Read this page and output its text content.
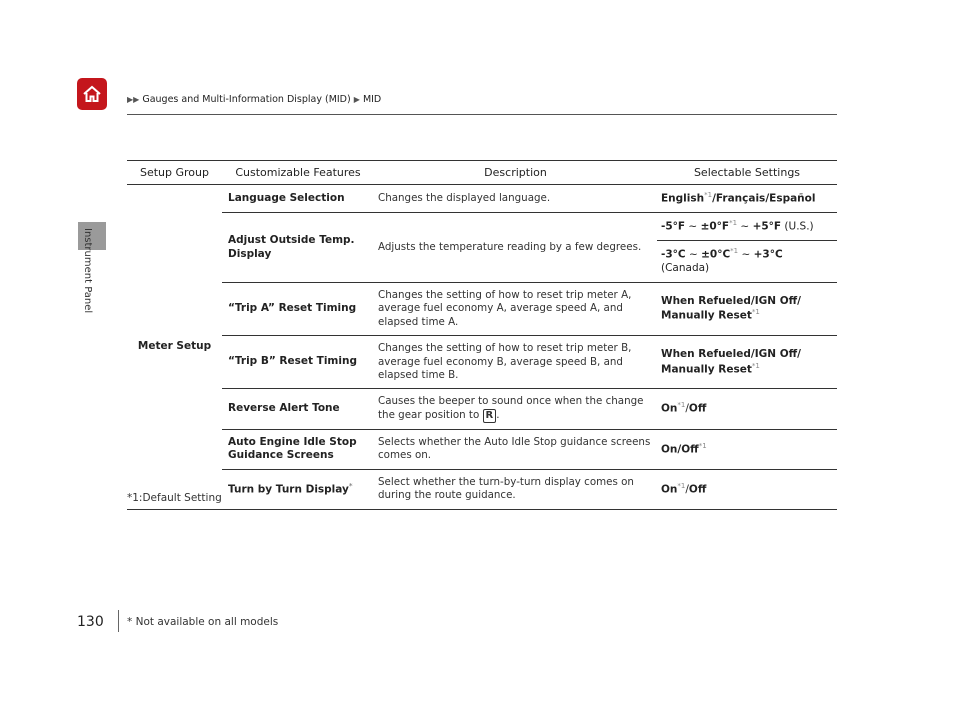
Instrument Panel
▶▶ Gauges and Multi-Information Display (MID) ▶ MID
Setup Group	Customizable Features	Description	Selectable Settings
Meter Setup	Language Selection	Changes the displayed language.	English$^{*1}$/Français/Español
	Adjust Outside Temp. Display	Adjusts the temperature reading by a few degrees.	-5°F ~ $\pm 0^\circ F^{*1}$ ~ +5°F (U.S.)
			-3°C ~ $\pm 0^\circ C^{*1}$ ~ +3°C (Canada)
	“Trip A” Reset Timing	Changes the setting of how to reset trip meter A, average fuel economy A, average speed A, and elapsed time A.	When Refueled/IGN Off/
Manually Reset$^{*1}$
	“Trip B” Reset Timing	Changes the setting of how to reset trip meter B, average fuel economy B, average speed B, and elapsed time B.	When Refueled/IGN Off/
Manually Reset$^{*1}$
	Reverse Alert Tone	Causes the beeper to sound once when the change the gear position to R .	On$^{*1}$/Off
	Auto Engine Idle Stop Guidance Screens	Selects whether the Auto Idle Stop guidance screens comes on.	On/Off$^{*1}$
	Turn by Turn Display*	Select whether the turn-by-turn display comes on during the route guidance.	On$^{*1}$/Off
*1:Default Setting
130 * Not available on all models
